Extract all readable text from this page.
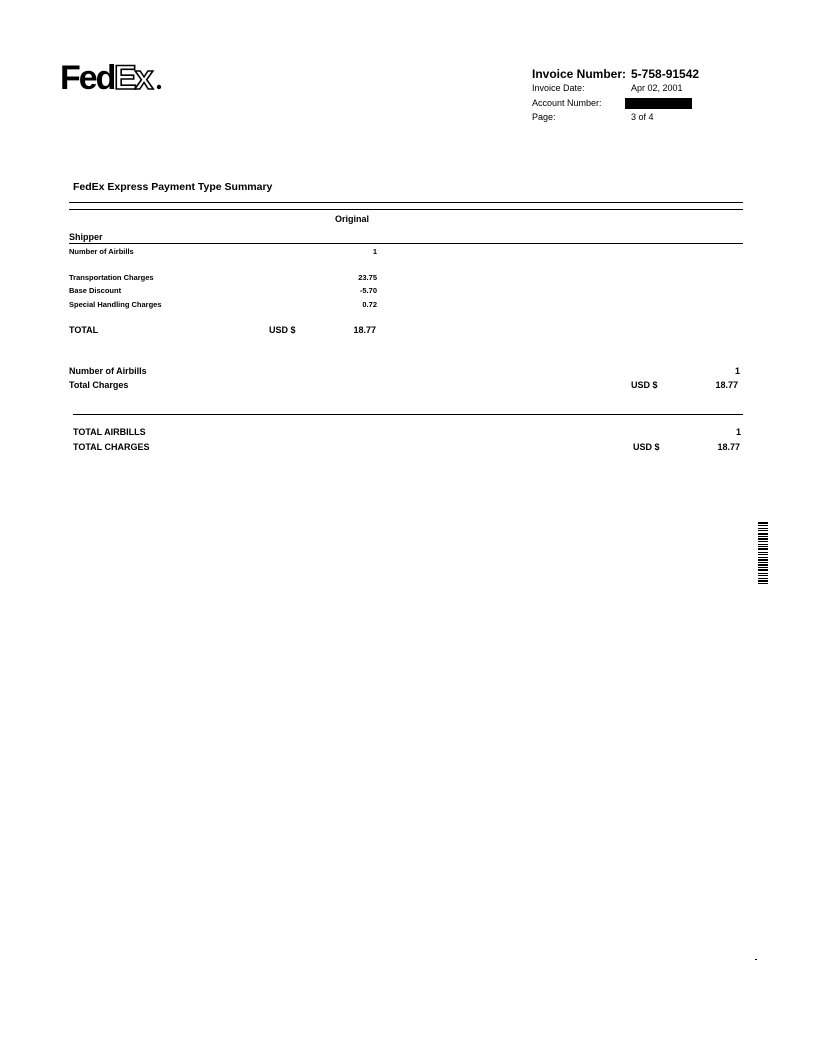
Fed Ex	Invoice Number: 5-758-91542
Invoice Date:	Apr 02, 2001
Account Number:
Page:	3 of 4
FedEx Express Payment Type Summary
Original
Shipper
Number of Airbills	1
Transportation Charges	23.75
Base Discount	-5.70
Special Handling Charges	0.72
TOTAL	USD $	18.77
Number of Airbills	1
Total Charges	USD $	18.77
TOTAL AIRBILLS	1
TOTAL CHARGES	USD $	18.77
